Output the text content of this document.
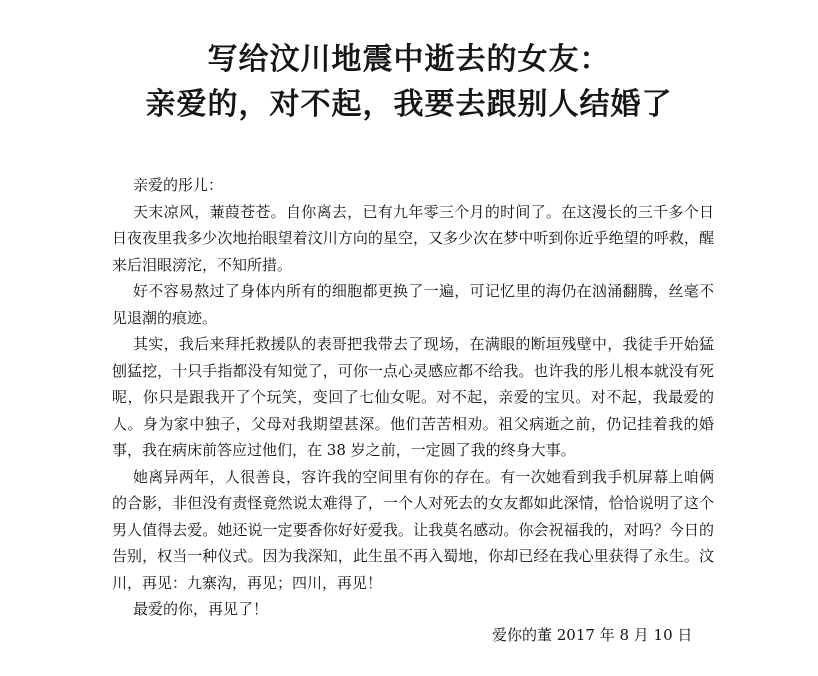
写给汶川地震中逝去的女友：
亲爱的，对不起，我要去跟别人结婚了

亲爱的彤儿：

天末凉风，蒹葭苍苍。自你离去，已有九年零三个月的时间了。在这漫长的三千多个日日夜夜里我多少次地抬眼望着汶川方向的星空，又多少次在梦中听到你近乎绝望的呼救，醒来后泪眼滂沱，不知所措。

好不容易熬过了身体内所有的细胞都更换了一遍，可记忆里的海仍在汹涌翻腾，丝毫不见退潮的痕迹。

其实，我后来拜托救援队的表哥把我带去了现场，在满眼的断垣残壁中，我徒手开始猛刨猛挖，十只手指都没有知觉了，可你一点心灵感应都不给我。也许我的彤儿根本就没有死呢，你只是跟我开了个玩笑，变回了七仙女呢。对不起，亲爱的宝贝。对不起，我最爱的人。身为家中独子，父母对我期望甚深。他们苦苦相劝。祖父病逝之前，仍记挂着我的婚事，我在病床前答应过他们，在 38 岁之前，一定圆了我的终身大事。

她离异两年，人很善良，容许我的空间里有你的存在。有一次她看到我手机屏幕上咱俩的合影，非但没有责怪竟然说太难得了，一个人对死去的女友都如此深情，恰恰说明了这个男人值得去爱。她还说一定要香你好好爱我。让我莫名感动。你会祝福我的，对吗？今日的告别，权当一种仪式。因为我深知，此生虽不再入蜀地，你却已经在我心里获得了永生。汶川，再见：九寨沟，再见；四川，再见！

最爱的你，再见了！

爱你的董 2017 年 8 月 10 日
